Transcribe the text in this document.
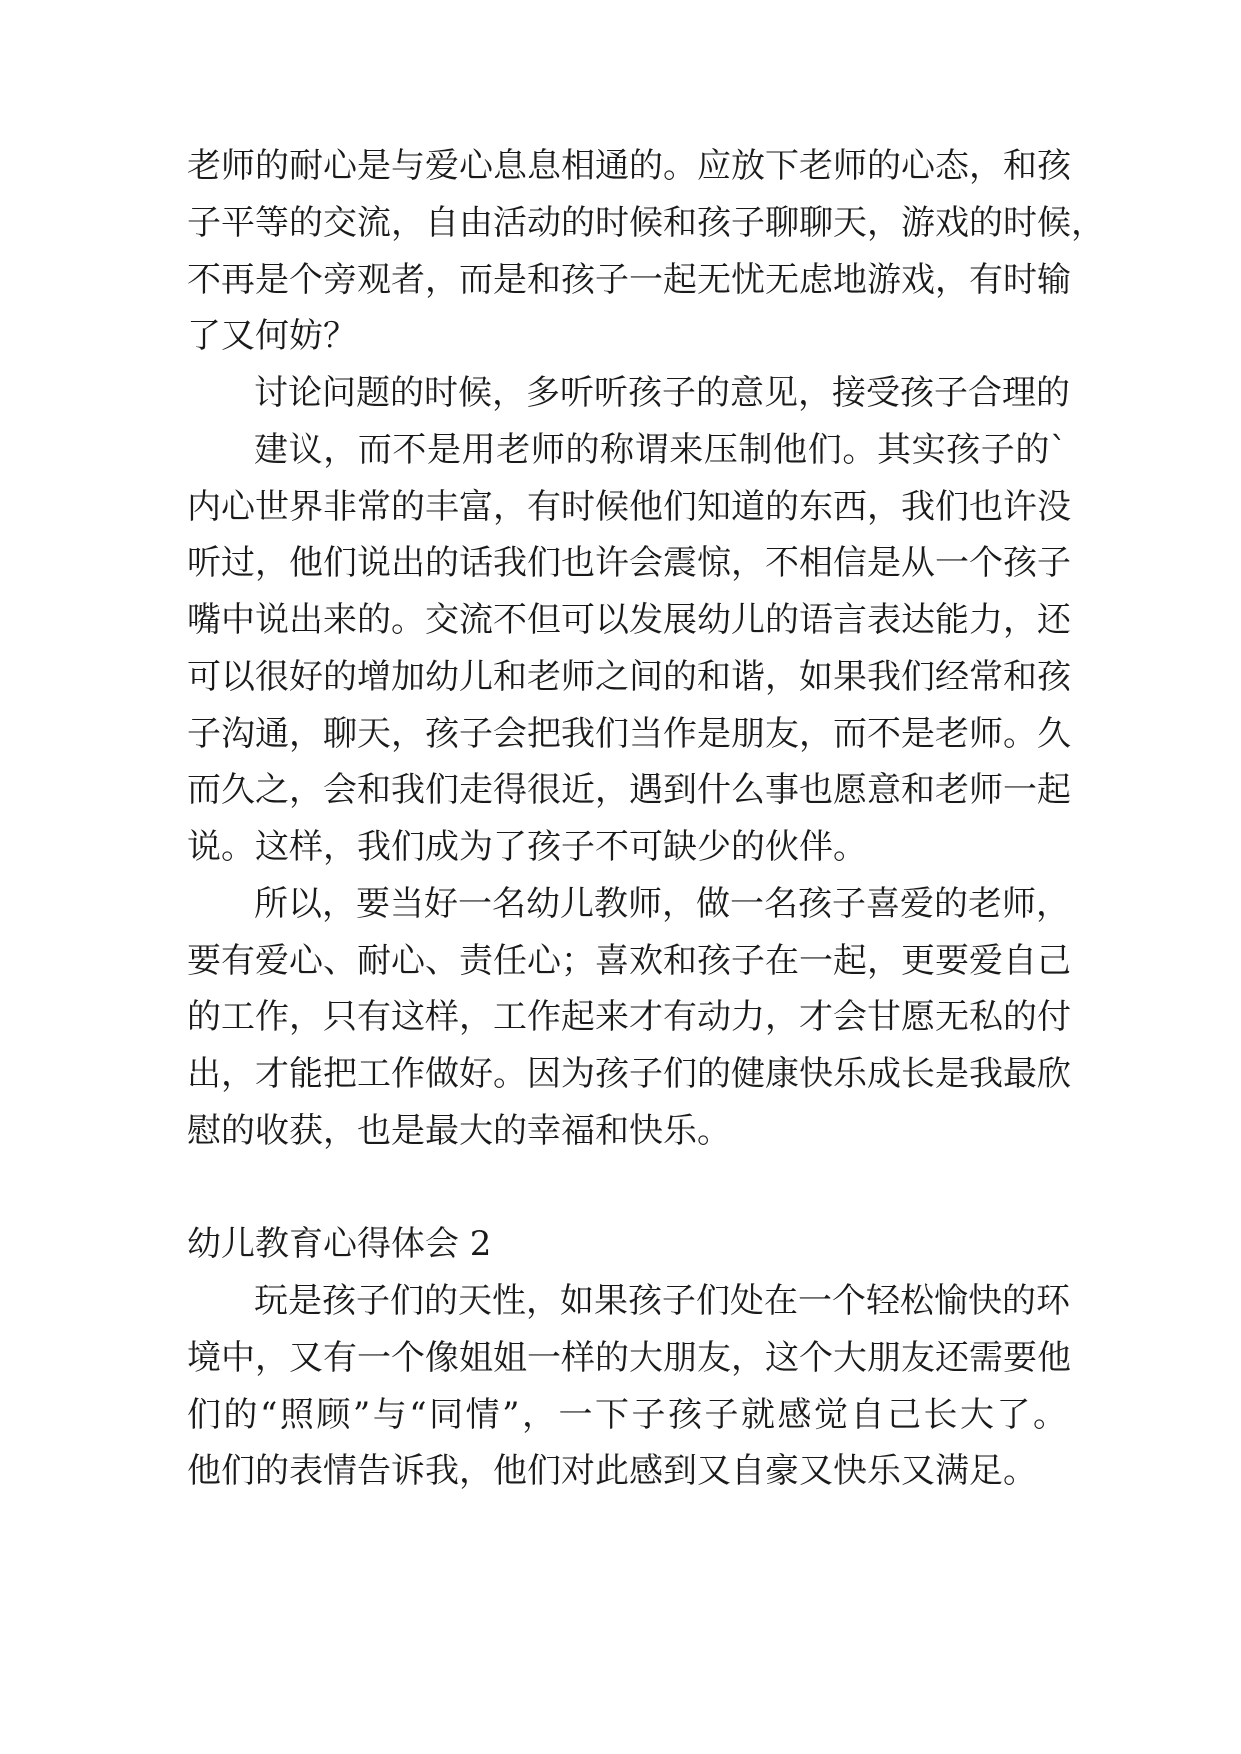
老师的耐心是与爱心息息相通的。应放下老师的心态，和孩
子平等的交流，自由活动的时候和孩子聊聊天，游戏的时候，
不再是个旁观者，而是和孩子一起无忧无虑地游戏，有时输
了又何妨？
讨论问题的时候，多听听孩子的意见，接受孩子合理的
建议，而不是用老师的称谓来压制他们。其实孩子的`
内心世界非常的丰富，有时候他们知道的东西，我们也许没
听过，他们说出的话我们也许会震惊，不相信是从一个孩子
嘴中说出来的。交流不但可以发展幼儿的语言表达能力，还
可以很好的增加幼儿和老师之间的和谐，如果我们经常和孩
子沟通，聊天，孩子会把我们当作是朋友，而不是老师。久
而久之，会和我们走得很近，遇到什么事也愿意和老师一起
说。这样，我们成为了孩子不可缺少的伙伴。
所以，要当好一名幼儿教师，做一名孩子喜爱的老师，
要有爱心、耐心、责任心；喜欢和孩子在一起，更要爱自己
的工作，只有这样，工作起来才有动力，才会甘愿无私的付
出，才能把工作做好。因为孩子们的健康快乐成长是我最欣
慰的收获，也是最大的幸福和快乐。
幼儿教育心得体会 2
玩是孩子们的天性，如果孩子们处在一个轻松愉快的环
境中，又有一个像姐姐一样的大朋友，这个大朋友还需要他
们的“照顾”与“同情”，一下子孩子就感觉自己长大了。
他们的表情告诉我，他们对此感到又自豪又快乐又满足。
